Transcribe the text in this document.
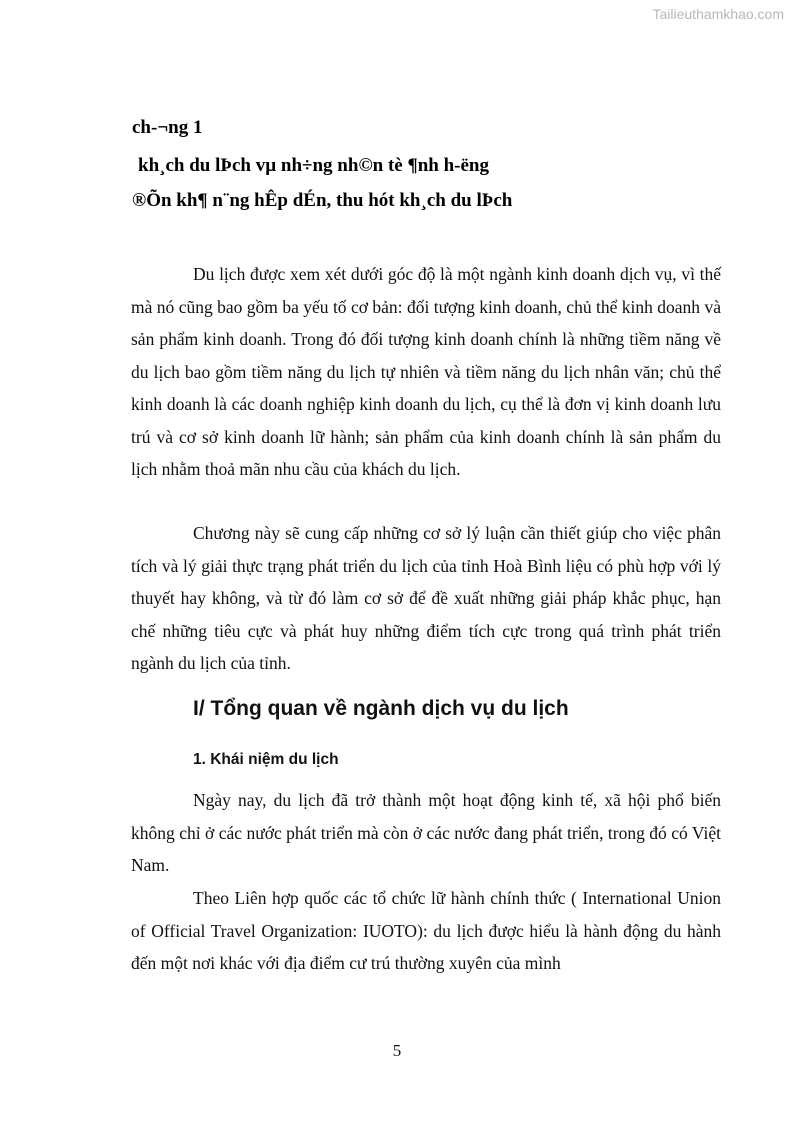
Tailieuthamkhao.com
ch-¬ng 1
kh¸ch du lÞch vµ nh÷ng nh©n tè ¶nh h-ëng
®Õn kh¶ n¨ng hÊp dÉn, thu hót kh¸ch du lÞch

Du lịch được xem xét dưới góc độ là một ngành kinh doanh dịch vụ, vì thế mà nó cũng bao gồm ba yếu tố cơ bản: đối tượng kinh doanh, chủ thể kinh doanh và sản phẩm kinh doanh. Trong đó đối tượng kinh doanh chính là những tiềm năng về du lịch bao gồm tiềm năng du lịch tự nhiên và tiềm năng du lịch nhân văn; chủ thể kinh doanh là các doanh nghiệp kinh doanh du lịch, cụ thể là đơn vị kinh doanh lưu trú và cơ sở kinh doanh lữ hành; sản phẩm của kinh doanh chính là sản phẩm du lịch nhằm thoả mãn nhu cầu của khách du lịch.

Chương này sẽ cung cấp những cơ sở lý luận cần thiết giúp cho việc phân tích và lý giải thực trạng phát triển du lịch của tỉnh Hoà Bình liệu có phù hợp với lý thuyết hay không, và từ đó làm cơ sở để đề xuất những giải pháp khắc phục, hạn chế những tiêu cực và phát huy những điểm tích cực trong quá trình phát triển ngành du lịch của tỉnh.

I/ Tổng quan về ngành dịch vụ du lịch
1. Khái niệm du lịch

Ngày nay, du lịch đã trở thành một hoạt động kinh tế, xã hội phổ biến không chỉ ở các nước phát triển mà còn ở các nước đang phát triển, trong đó có Việt Nam.

Theo Liên hợp quốc các tổ chức lữ hành chính thức ( International Union of Official Travel Organization: IUOTO): du lịch được hiểu là hành động du hành đến một nơi khác với địa điểm cư trú thường xuyên của mình

5
